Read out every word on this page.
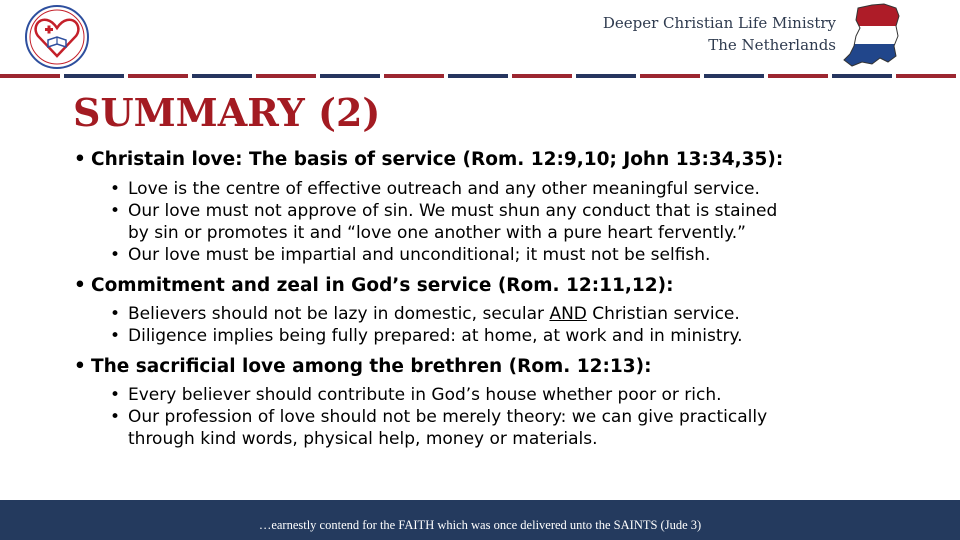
Deeper Christian Life Ministry
The Netherlands
SUMMARY (2)
• Christain love: The basis of service (Rom. 12:9,10; John 13:34,35):
• Love is the centre of effective outreach and any other meaningful service.
• Our love must not approve of sin. We must shun any conduct that is stained
by sin or promotes it and “love one another with a pure heart fervently.”
• Our love must be impartial and unconditional; it must not be selfish.
• Commitment and zeal in God’s service (Rom. 12:11,12):
• Believers should not be lazy in domestic, secular AND Christian service.
• Diligence implies being fully prepared: at home, at work and in ministry.
• The sacrificial love among the brethren (Rom. 12:13):
• Every believer should contribute in God’s house whether poor or rich.
• Our profession of love should not be merely theory: we can give practically
through kind words, physical help, money or materials.
$_{\dots earnestly contend for the FAITH which was once delivered unto the SAINTS (Jude 3)}$
